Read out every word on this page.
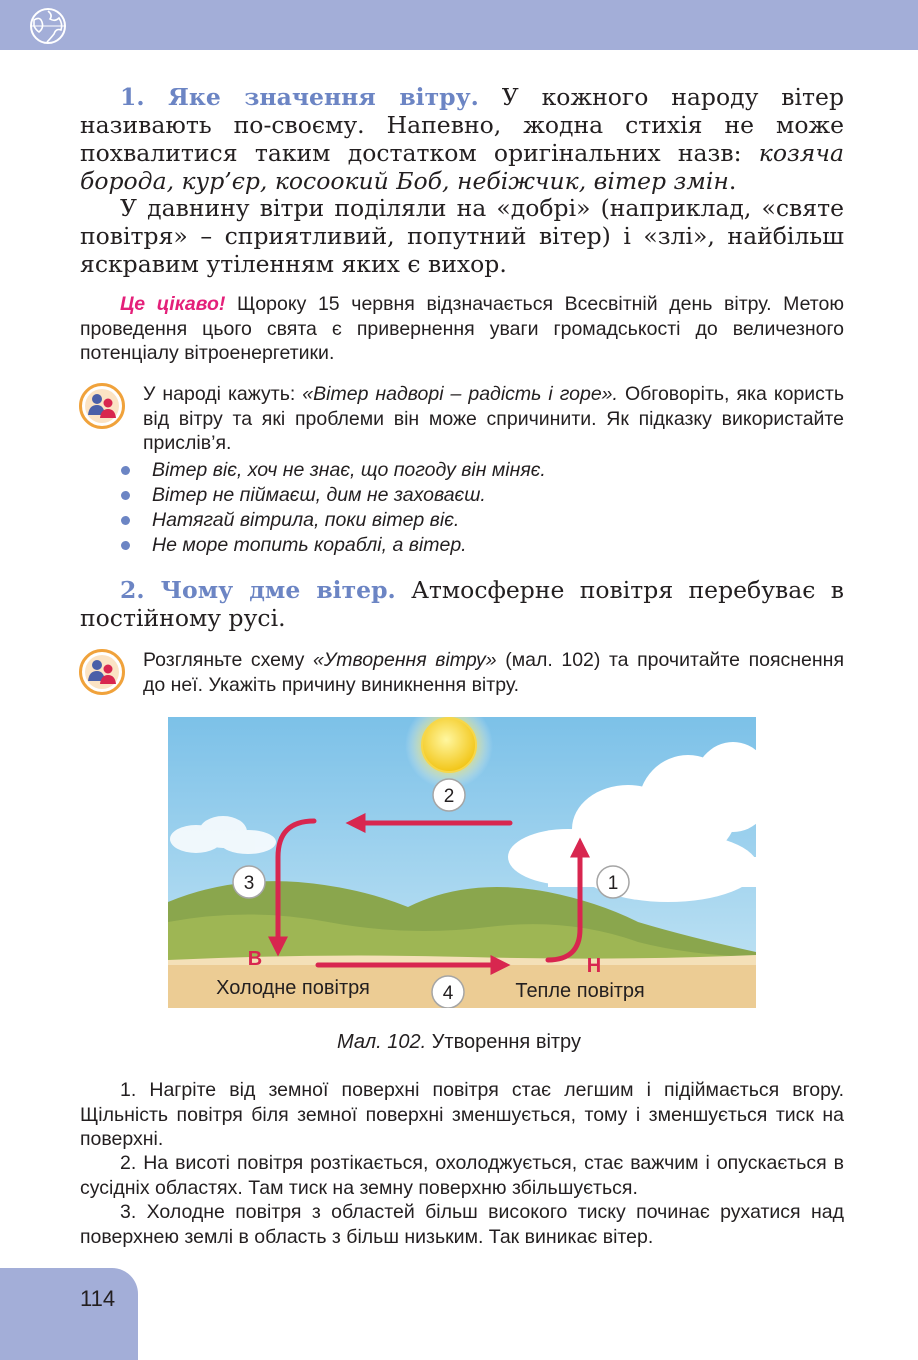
1. Яке значення вітру. У кожного народу вітер називають по-своєму. Напевно, жодна стихія не може похвалитися таким достатком оригінальних назв: козяча борода, кур’єр, косоокий Боб, небіжчик, вітер змін.

У давнину вітри поділяли на «добрі» (наприклад, «святе повітря» – сприятливий, попутний вітер) і «злі», найбільш яскравим утіленням яких є вихор.

Це цікаво! Щороку 15 червня відзначається Всесвітній день вітру. Метою проведення цього свята є привернення уваги громадськості до величезного потенціалу вітроенергетики.

У народі кажуть: «Вітер надворі – радість і горе». Обговоріть, яка користь від вітру та які проблеми він може спричинити. Як підказку використайте прислів’я.

Вітер віє, хоч не знає, що погоду він міняє.
Вітер не піймаєш, дим не заховаєш.
Натягай вітрила, поки вітер віє.
Не море топить кораблі, а вітер.

2. Чому дме вітер. Атмосферне повітря перебуває в постійному русі.

Розгляньте схему «Утворення вітру» (мал. 102) та прочитайте пояснення до неї. Укажіть причину виникнення вітру.

1
2
3
4
В	Н
Холодне повітря	Тепле повітря
Мал. 102. Утворення вітру

1. Нагріте від земної поверхні повітря стає легшим і підіймається вгору. Щільність повітря біля земної поверхні зменшується, тому і зменшується тиск на поверхні.

2. На висоті повітря розтікається, охолоджується, стає важчим і опускається в сусідніх областях. Там тиск на земну поверхню збільшується.

3. Холодне повітря з областей більш високого тиску починає рухатися над поверхнею землі в область з більш низьким. Так виникає вітер.

114
